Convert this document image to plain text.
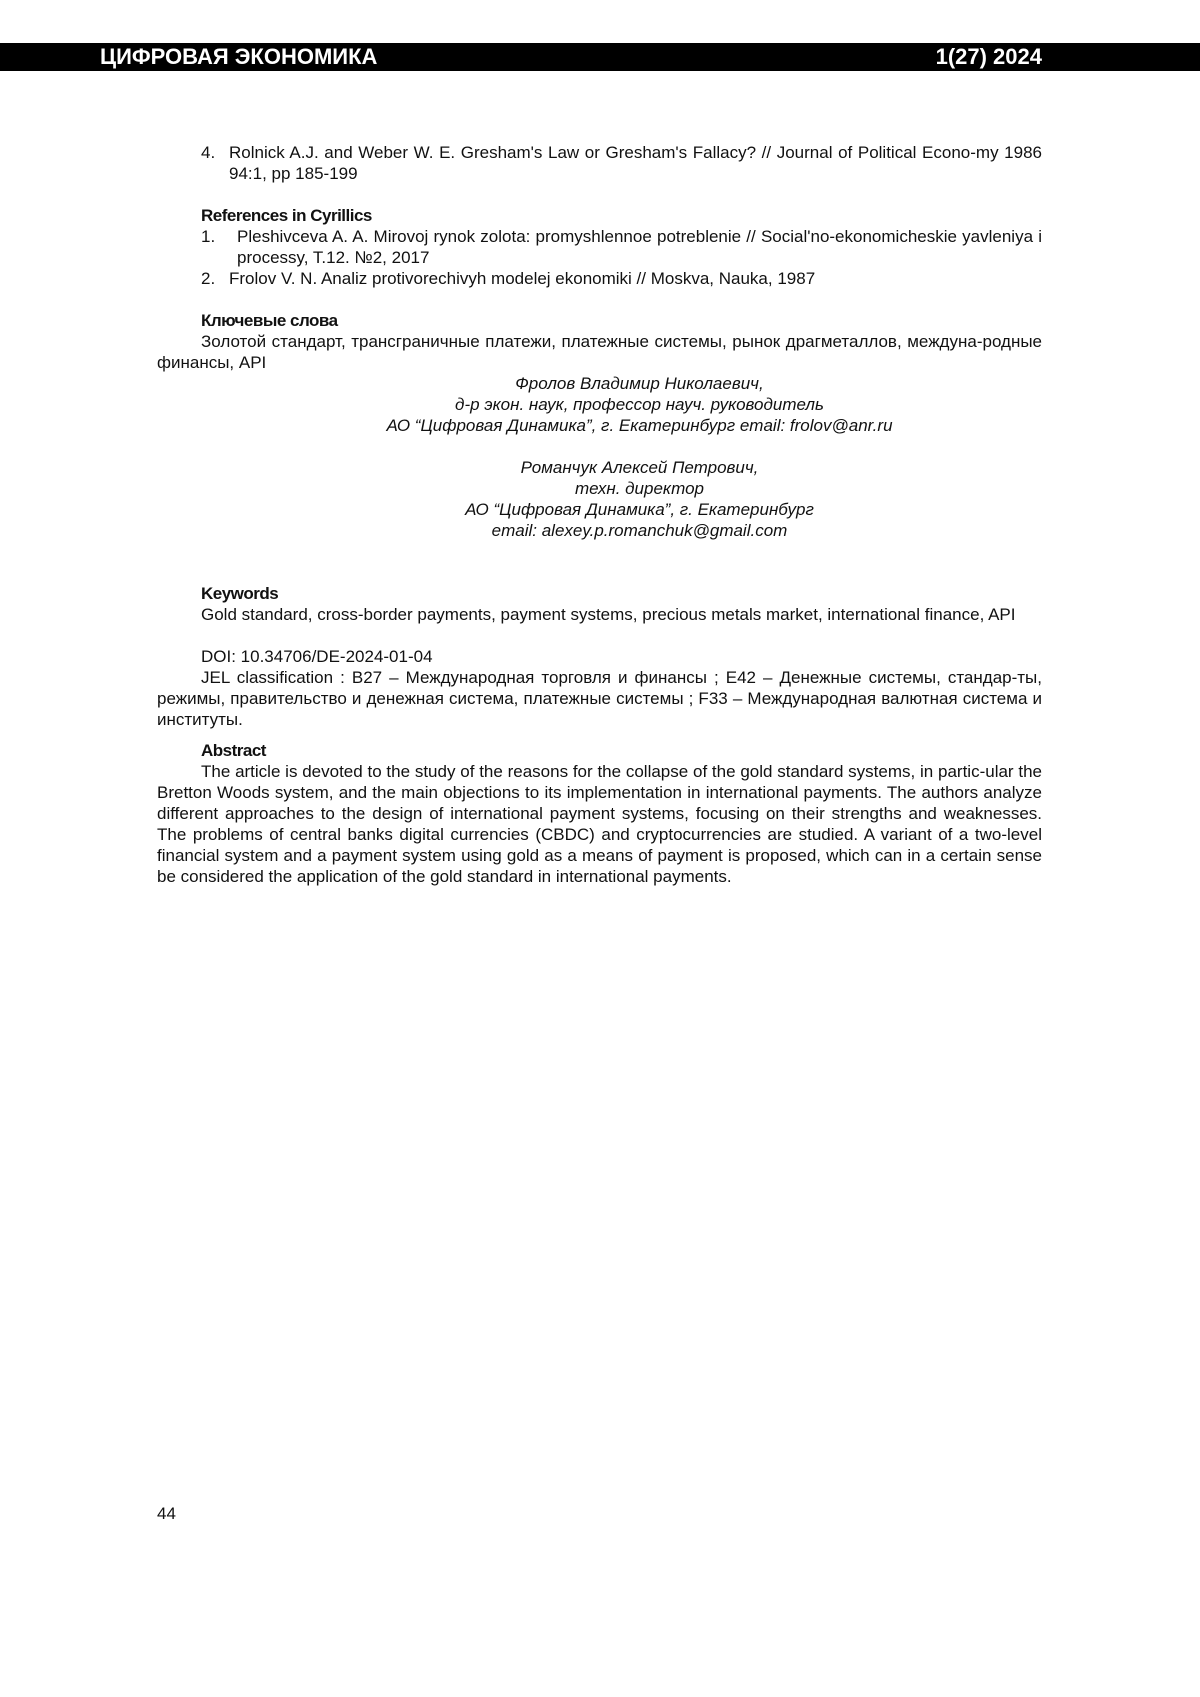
ЦИФРОВАЯ ЭКОНОМИКА	1(27) 2024
4. Rolnick A.J. and Weber W. E. Gresham's Law or Gresham's Fallacy? // Journal of Political Econo-my 1986 94:1, pp 185-199
References in Cyrillics
1.	Pleshivceva A. A. Mirovoj rynok zolota: promyshlennoe potreblenie // Social'no-ekonomicheskie yavleniya i processy, T.12. №2, 2017
2. Frolov V. N. Analiz protivorechivyh modelej ekonomiki // Moskva, Nauka, 1987
Ключевые слова
Золотой стандарт, трансграничные платежи, платежные системы, рынок драгметаллов, междуна-родные финансы, API
Фролов Владимир Николаевич,
д-р экон. наук, профессор науч. руководитель
АО “Цифровая Динамика”, г. Екатеринбург email: frolov@anr.ru
Романчук Алексей Петрович,
техн. директор
АО “Цифровая Динамика”, г. Екатеринбург
email: alexey.p.romanchuk@gmail.com
Keywords
Gold standard, cross-border payments, payment systems, precious metals market, international finance, API
DOI: 10.34706/DE-2024-01-04
JEL classification : B27 – Международная торговля и финансы ; E42 – Денежные системы, стандар-ты, режимы, правительство и денежная система, платежные системы ; F33 – Международная валютная система и институты.
Abstract
The article is devoted to the study of the reasons for the collapse of the gold standard systems, in partic-ular the Bretton Woods system, and the main objections to its implementation in international payments. The authors analyze different approaches to the design of international payment systems, focusing on their strengths and weaknesses. The problems of central banks digital currencies (CBDC) and cryptocurrencies are studied. A variant of a two-level financial system and a payment system using gold as a means of payment is proposed, which can in a certain sense be considered the application of the gold standard in international payments.
44
